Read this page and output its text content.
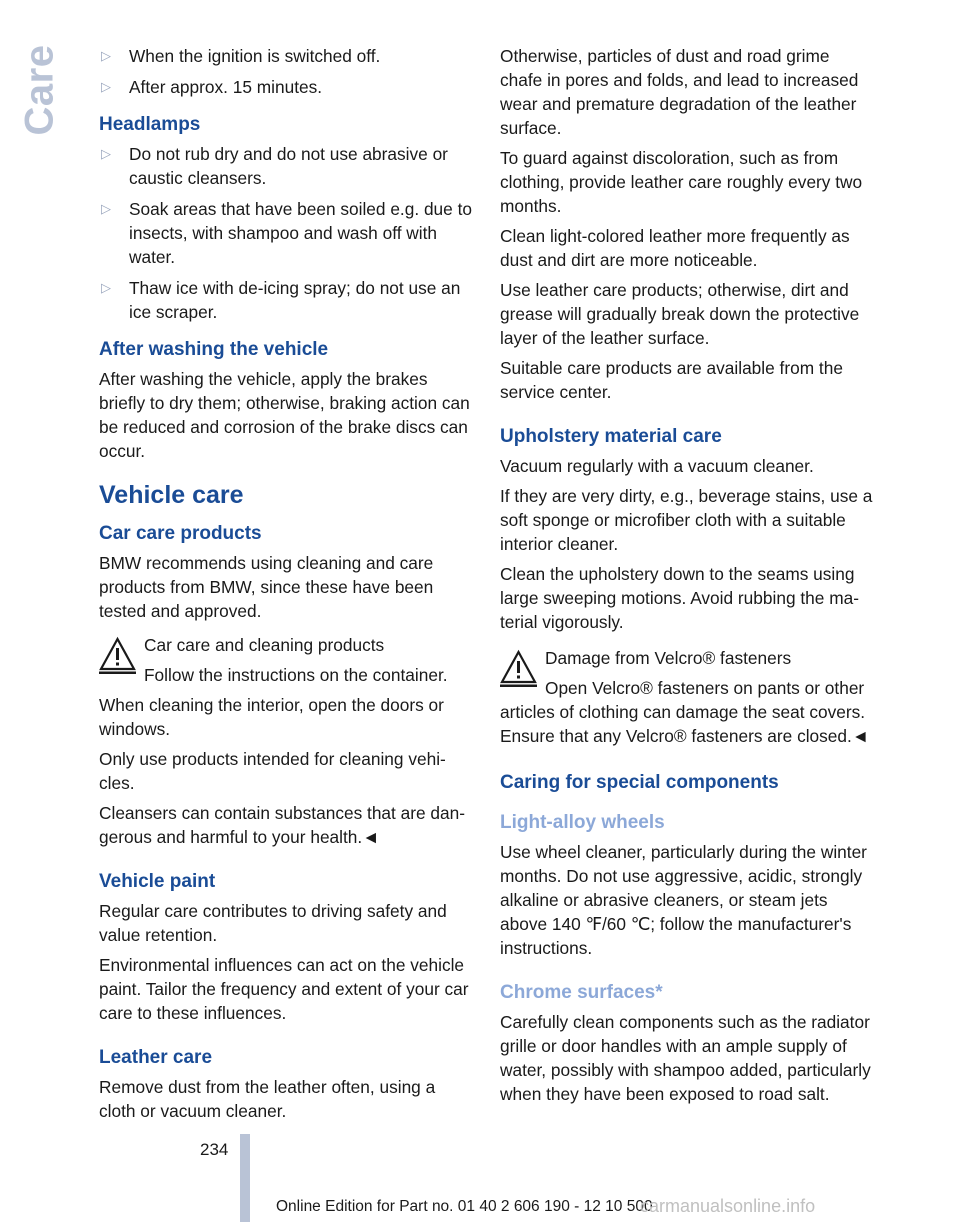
Care	▷ When the ignition is switched off.
▷ After approx. 15 minutes.
Headlamps
▷ Do not rub dry and do not use abrasive or caustic cleansers.
▷ Soak areas that have been soiled e.g. due to insects, with shampoo and wash off with water.
▷ Thaw ice with de-icing spray; do not use an ice scraper.
After washing the vehicle

After washing the vehicle, apply the brakes briefly to dry them; otherwise, braking action can be reduced and corrosion of the brake discs can occur.

Vehicle care
Car care products

BMW recommends using cleaning and care products from BMW, since these have been tested and approved.

Car care and cleaning products

Follow the instructions on the container.

When cleaning the interior, open the doors or windows.

Only use products intended for cleaning vehicles.

Cleansers can contain substances that are dangerous and harmful to your health.◄

Vehicle paint

Regular care contributes to driving safety and value retention.

Environmental influences can act on the vehicle paint. Tailor the frequency and extent of your car care to these influences.

Leather care

Remove dust from the leather often, using a cloth or vacuum cleaner.

Otherwise, particles of dust and road grime chafe in pores and folds, and lead to increased wear and premature degradation of the leather surface.

To guard against discoloration, such as from clothing, provide leather care roughly every two months.

Clean light-colored leather more frequently as dust and dirt are more noticeable.

Use leather care products; otherwise, dirt and grease will gradually break down the protective layer of the leather surface.

Suitable care products are available from the service center.

Upholstery material care

Vacuum regularly with a vacuum cleaner.

If they are very dirty, e.g., beverage stains, use a soft sponge or microfiber cloth with a suitable interior cleaner.

Clean the upholstery down to the seams using large sweeping motions. Avoid rubbing the material vigorously.

Damage from Velcro® fasteners

Open Velcro® fasteners on pants or other articles of clothing can damage the seat covers. Ensure that any Velcro® fasteners are closed.◄

Caring for special components
Light-alloy wheels

Use wheel cleaner, particularly during the winter months. Do not use aggressive, acidic, strongly alkaline or abrasive cleaners, or steam jets above 140 ℉/60 ℃; follow the manufacturer's instructions.

Chrome surfaces*

Carefully clean components such as the radiator grille or door handles with an ample supply of water, possibly with shampoo added, particularly when they have been exposed to road salt.

234
Online Edition for Part no. 01 40 2 606 190 - 12 10 500
carmanualsonline.info
